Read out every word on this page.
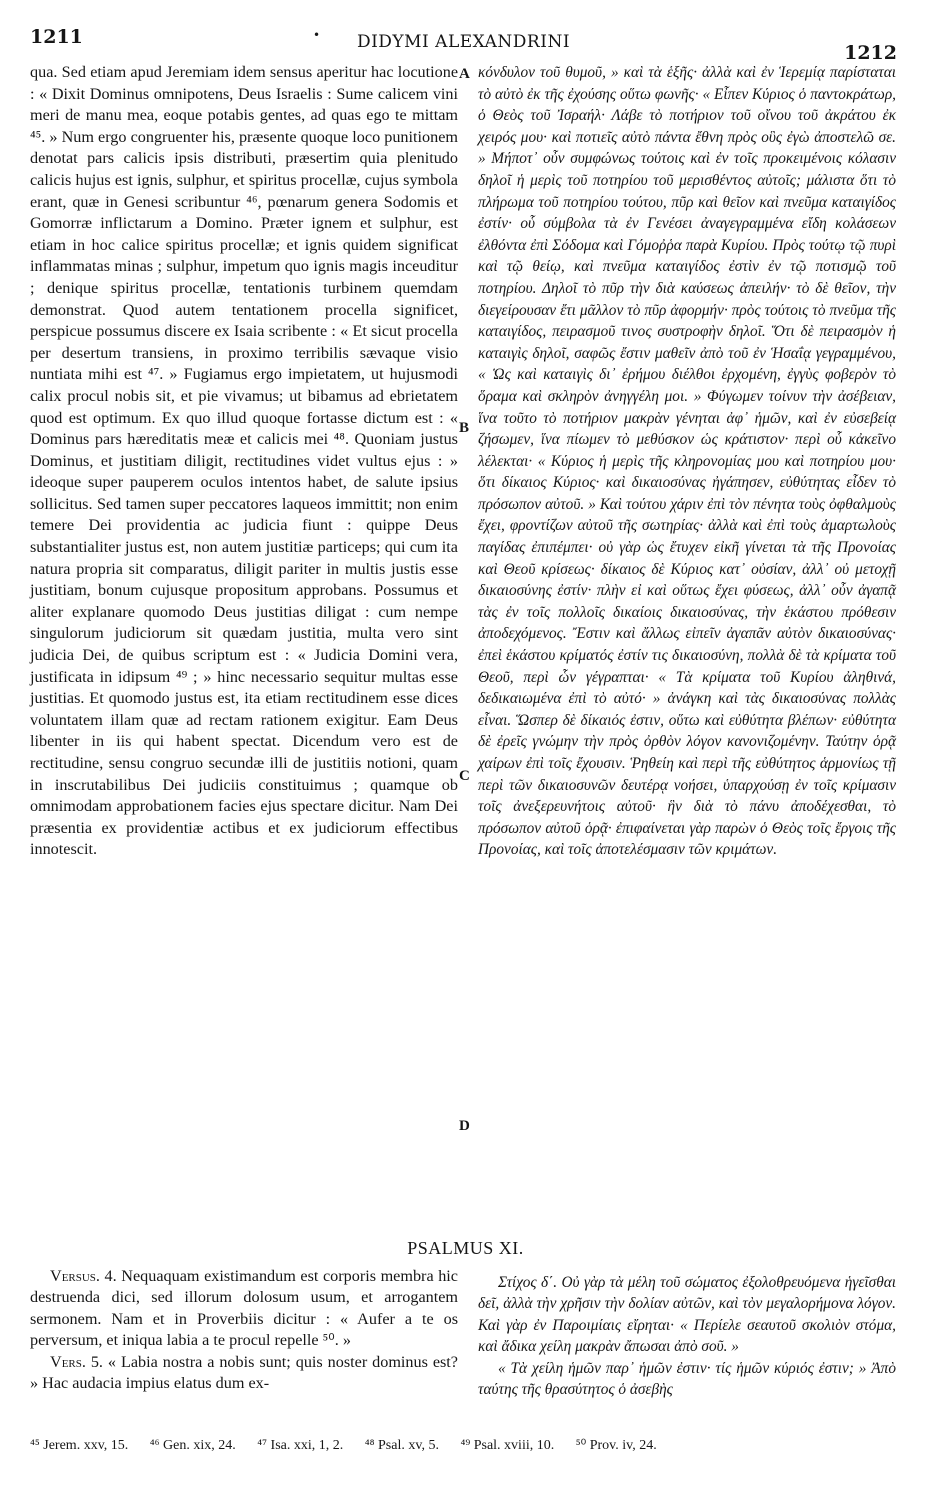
1211	•	DIDYMI ALEXANDRINI	1212

qua. Sed etiam apud Jeremiam idem sensus aperitur hac locutione : « Dixit Dominus omnipotens, Deus Israelis : Sume calicem vini meri de manu mea, eoque potabis gentes, ad quas ego te mittam ⁴⁵. » Num ergo congruenter his, præsente quoque loco punitionem denotat pars calicis ipsis distributi, præsertim quia plenitudo calicis hujus est ignis, sulphur, et spiritus procellæ, cujus symbola erant, quæ in Genesi scribuntur ⁴⁶, pœnarum genera Sodomis et Gomorræ inflictarum a Domino. Præter ignem et sulphur, est etiam in hoc calice spiritus procellæ; et ignis quidem significat inflammatas minas ; sulphur, impetum quo ignis magis inceuditur ; denique spiritus procellæ, tentationis turbinem quemdam demonstrat. Quod autem tentationem procella significet, perspicue possumus discere ex Isaia scribente : « Et sicut procella per desertum transiens, in proximo terribilis sævaque visio nuntiata mihi est ⁴⁷. » Fugiamus ergo impietatem, ut hujusmodi calix procul nobis sit, et pie vivamus; ut bibamus ad ebrietatem quod est optimum. Ex quo illud quoque fortasse dictum est : « Dominus pars hæreditatis meæ et calicis mei ⁴⁸. Quoniam justus Dominus, et justitiam diligit, rectitudines videt vultus ejus : » ideoque super pauperem oculos intentos habet, de salute ipsius sollicitus. Sed tamen super peccatores laqueos immittit; non enim temere Dei providentia ac judicia fiunt : quippe Deus substantialiter justus est, non autem justitiæ particeps; qui cum ita natura propria sit comparatus, diligit pariter in multis justis esse justitiam, bonum cujusque propositum approbans. Possumus et aliter explanare quomodo Deus justitias diligat : cum nempe singulorum judiciorum sit quædam justitia, multa vero sint judicia Dei, de quibus scriptum est : « Judicia Domini vera, justificata in idipsum ⁴⁹ ; » hinc necessario sequitur multas esse justitias. Et quomodo justus est, ita etiam rectitudinem esse dices voluntatem illam quæ ad rectam rationem exigitur. Eam Deus libenter in iis qui habent spectat. Dicendum vero est de rectitudine, sensu congruo secundæ illi de justitiis notioni, quam in inscrutabilibus Dei judiciis constituimus ; quamque ob omnimodam approbationem facies ejus spectare dicitur. Nam Dei præsentia ex providentiæ actibus et ex judiciorum effectibus innotescit.

κόνδυλον τοῦ θυμοῦ, » καὶ τὰ ἑξῆς· ἀλλὰ καὶ ἐν Ἱερεμίᾳ παρίσταται τὸ αὐτὸ ἐκ τῆς ἐχούσης οὕτω φωνῆς· « Εἶπεν Κύριος ὁ παντοκράτωρ, ὁ Θεὸς τοῦ Ἰσραήλ· Λάβε τὸ ποτήριον τοῦ οἴνου τοῦ ἀκράτου ἐκ χειρός μου· καὶ ποτιεῖς αὐτὸ πάντα ἔθνη πρὸς οὓς ἐγὼ ἀποστελῶ σε. » Μήποτ᾽ οὖν συμφώνως τούτοις καὶ ἐν τοῖς προκειμένοις κόλασιν δηλοῖ ἡ μερὶς τοῦ ποτηρίου τοῦ μερισθέντος αὐτοῖς; μάλιστα ὅτι τὸ πλήρωμα τοῦ ποτηρίου τούτου, πῦρ καὶ θεῖον καὶ πνεῦμα καταιγίδος ἐστίν· οὗ σύμβολα τὰ ἐν Γενέσει ἀναγεγραμμένα εἴδη κολάσεων ἐλθόντα ἐπὶ Σόδομα καὶ Γόμοῤῥα παρὰ Κυρίου. Πρὸς τούτῳ τῷ πυρὶ καὶ τῷ θείῳ, καὶ πνεῦμα καταιγίδος ἐστὶν ἐν τῷ ποτισμῷ τοῦ ποτηρίου. Δηλοῖ τὸ πῦρ τὴν διὰ καύσεως ἀπειλήν· τὸ δὲ θεῖον, τὴν διεγείρουσαν ἔτι μᾶλλον τὸ πῦρ ἀφορμήν· πρὸς τούτοις τὸ πνεῦμα τῆς καταιγίδος, πειρασμοῦ τινος συστροφὴν δηλοῖ. Ὅτι δὲ πειρασμὸν ἡ καταιγὶς δηλοῖ, σαφῶς ἔστιν μαθεῖν ἀπὸ τοῦ ἐν Ἡσαΐᾳ γεγραμμένου, « Ὡς καὶ καταιγὶς δι᾽ ἐρήμου διέλθοι ἐρχομένη, ἐγγὺς φοβερὸν τὸ ὅραμα καὶ σκληρὸν ἀνηγγέλη μοι. » Φύγωμεν τοίνυν τὴν ἀσέβειαν, ἵνα τοῦτο τὸ ποτήριον μακρὰν γένηται ἀφ᾽ ἡμῶν, καὶ ἐν εὐσεβείᾳ ζήσωμεν, ἵνα πίωμεν τὸ μεθύσκον ὡς κράτιστον· περὶ οὗ κἀκεῖνο λέλεκται· « Κύριος ἡ μερὶς τῆς κληρονομίας μου καὶ ποτηρίου μου· ὅτι δίκαιος Κύριος· καὶ δικαιοσύνας ἠγάπησεν, εὐθύτητας εἶδεν τὸ πρόσωπον αὐτοῦ. » Καὶ τούτου χάριν ἐπὶ τὸν πένητα τοὺς ὀφθαλμοὺς ἔχει, φροντίζων αὐτοῦ τῆς σωτηρίας· ἀλλὰ καὶ ἐπὶ τοὺς ἁμαρτωλοὺς παγίδας ἐπιπέμπει· οὐ γὰρ ὡς ἔτυχεν εἰκῆ γίνεται τὰ τῆς Προνοίας καὶ Θεοῦ κρίσεως· δίκαιος δὲ Κύριος κατ᾽ οὐσίαν, ἀλλ᾽ οὐ μετοχῇ δικαιοσύνης ἐστίν· πλὴν εἰ καὶ οὕτως ἔχει φύσεως, ἀλλ᾽ οὖν ἀγαπᾷ τὰς ἐν τοῖς πολλοῖς δικαίοις δικαιοσύνας, τὴν ἑκάστου πρόθεσιν ἀποδεχόμενος. Ἔστιν καὶ ἄλλως εἰπεῖν ἀγαπᾶν αὐτὸν δικαιοσύνας· ἐπεὶ ἑκάστου κρίματός ἐστίν τις δικαιοσύνη, πολλὰ δὲ τὰ κρίματα τοῦ Θεοῦ, περὶ ὧν γέγραπται· « Τὰ κρίματα τοῦ Κυρίου ἀληθινά, δεδικαιωμένα ἐπὶ τὸ αὐτό· » ἀνάγκη καὶ τὰς δικαιοσύνας πολλὰς εἶναι. Ὥσπερ δὲ δίκαιός ἐστιν, οὕτω καὶ εὐθύτητα βλέπων· εὐθύτητα δὲ ἐρεῖς γνώμην τὴν πρὸς ὀρθὸν λόγον κανονιζομένην. Ταύτην ὁρᾷ χαίρων ἐπὶ τοῖς ἔχουσιν. Ῥηθείη καὶ περὶ τῆς εὐθύτητος ἁρμονίως τῇ περὶ τῶν δικαιοσυνῶν δευτέρᾳ νοήσει, ὑπαρχούσῃ ἐν τοῖς κρίμασιν τοῖς ἀνεξερευνήτοις αὐτοῦ· ἣν διὰ τὸ πάνυ ἀποδέχεσθαι, τὸ πρόσωπον αὐτοῦ ὁρᾷ· ἐπιφαίνεται γὰρ παρὼν ὁ Θεὸς τοῖς ἔργοις τῆς Προνοίας, καὶ τοῖς ἀποτελέσμασιν τῶν κριμάτων.

A
B
C
D
PSALMUS XI.

Versus. 4. Nequaquam existimandum est corporis membra hic destruenda dici, sed illorum dolosum usum, et arrogantem sermonem. Nam et in Proverbiis dicitur : « Aufer a te os perversum, et iniqua labia a te procul repelle ⁵⁰. »

Vers. 5. « Labia nostra a nobis sunt; quis noster dominus est? » Hac audacia impius elatus dum ex-

Στίχος δ΄. Οὐ γὰρ τὰ μέλη τοῦ σώματος ἐξολοθρευόμενα ἡγεῖσθαι δεῖ, ἀλλὰ τὴν χρῆσιν τὴν δολίαν αὐτῶν, καὶ τὸν μεγαλορήμονα λόγον. Καὶ γὰρ ἐν Παροιμίαις εἴρηται· « Περίελε σεαυτοῦ σκολιὸν στόμα, καὶ ἄδικα χείλη μακρὰν ἄπωσαι ἀπὸ σοῦ. »

« Τὰ χείλη ἡμῶν παρ᾽ ἡμῶν ἐστιν· τίς ἡμῶν κύριός ἐστιν; » Ἀπὸ ταύτης τῆς θρασύτητος ὁ ἀσεβὴς

⁴⁵ Jerem. xxv, 15. ⁴⁶ Gen. xix, 24. ⁴⁷ Isa. xxi, 1, 2. ⁴⁸ Psal. xv, 5. ⁴⁹ Psal. xviii, 10. ⁵⁰ Prov. iv, 24.
